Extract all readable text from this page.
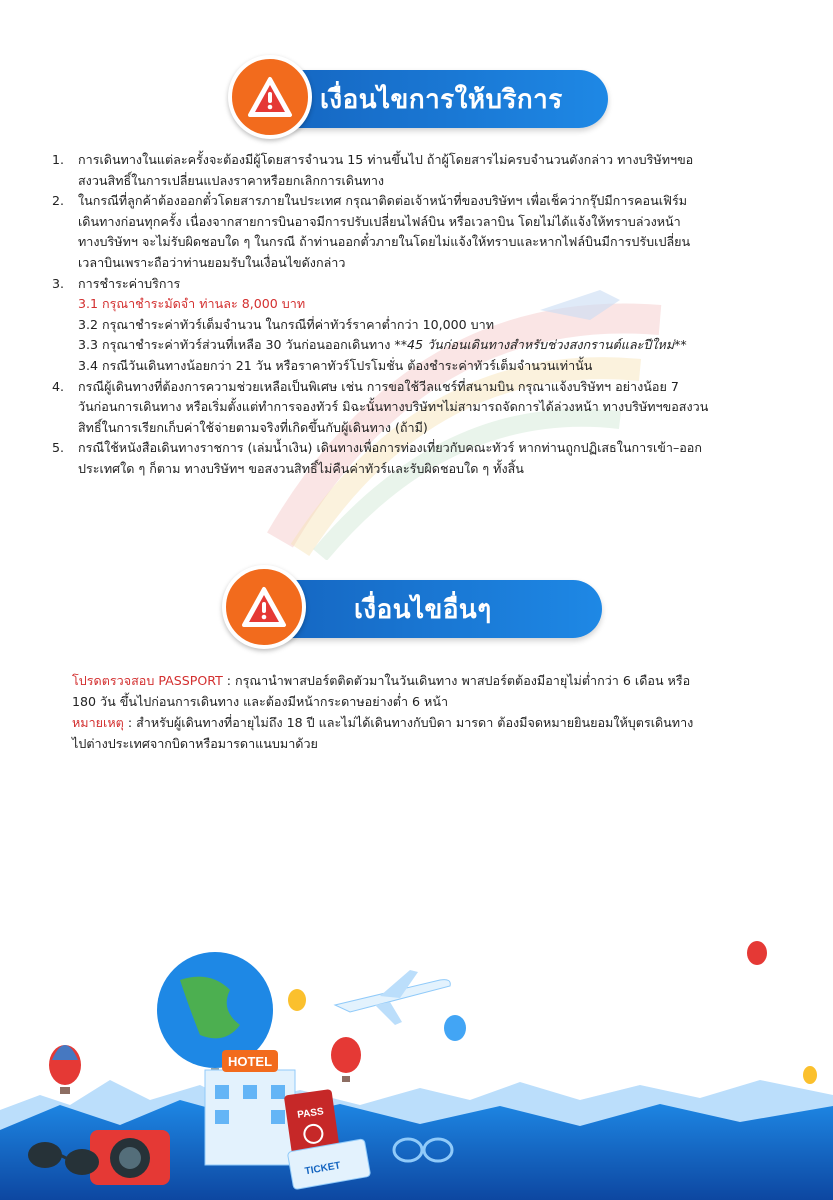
เงื่อนไขการให้บริการ
1.	การเดินทางในแต่ละครั้งจะต้องมีผู้โดยสารจำนวน 15 ท่านขึ้นไป ถ้าผู้โดยสารไม่ครบจำนวนดังกล่าว ทางบริษัทฯขอ
สงวนสิทธิ์ในการเปลี่ยนแปลงราคาหรือยกเลิกการเดินทาง
2.	ในกรณีที่ลูกค้าต้องออกตั๋วโดยสารภายในประเทศ กรุณาติดต่อเจ้าหน้าที่ของบริษัทฯ เพื่อเช็คว่ากรุ๊ปมีการคอนเฟิร์ม
เดินทางก่อนทุกครั้ง เนื่องจากสายการบินอาจมีการปรับเปลี่ยนไฟล์บิน หรือเวลาบิน โดยไม่ได้แจ้งให้ทราบล่วงหน้า
ทางบริษัทฯ จะไม่รับผิดชอบใด ๆ ในกรณี ถ้าท่านออกตั๋วภายในโดยไม่แจ้งให้ทราบและหากไฟล์บินมีการปรับเปลี่ยน
เวลาบินเพราะถือว่าท่านยอมรับในเงื่อนไขดังกล่าว
3.	การชำระค่าบริการ
3.1 กรุณาชำระมัดจำ ท่านละ 8,000 บาท
3.2 กรุณาชำระค่าทัวร์เต็มจำนวน ในกรณีที่ค่าทัวร์ราคาต่ำกว่า 10,000 บาท
3.3 กรุณาชำระค่าทัวร์ส่วนที่เหลือ 30 วันก่อนออกเดินทาง **45 วันก่อนเดินทางสำหรับช่วงสงกรานต์และปีใหม่**
3.4 กรณีวันเดินทางน้อยกว่า 21 วัน หรือราคาทัวร์โปรโมชั่น ต้องชำระค่าทัวร์เต็มจำนวนเท่านั้น
4.	กรณีผู้เดินทางที่ต้องการความช่วยเหลือเป็นพิเศษ เช่น การขอใช้วีลแชร์ที่สนามบิน กรุณาแจ้งบริษัทฯ อย่างน้อย 7
วันก่อนการเดินทาง หรือเริ่มตั้งแต่ทำการจองทัวร์ มิฉะนั้นทางบริษัทฯไม่สามารถจัดการได้ล่วงหน้า ทางบริษัทฯขอสงวน
สิทธิ์ในการเรียกเก็บค่าใช้จ่ายตามจริงที่เกิดขึ้นกับผู้เดินทาง (ถ้ามี)
5.	กรณีใช้หนังสือเดินทางราชการ (เล่มน้ำเงิน) เดินทางเพื่อการท่องเที่ยวกับคณะทัวร์ หากท่านถูกปฏิเสธในการเข้า–ออก
ประเทศใด ๆ ก็ตาม ทางบริษัทฯ ขอสงวนสิทธิ์ไม่คืนค่าทัวร์และรับผิดชอบใด ๆ ทั้งสิ้น
เงื่อนไขอื่นๆ
โปรดตรวจสอบ PASSPORT : กรุณานำพาสปอร์ตติดตัวมาในวันเดินทาง พาสปอร์ตต้องมีอายุไม่ต่ำกว่า 6 เดือน หรือ
180 วัน ขึ้นไปก่อนการเดินทาง และต้องมีหน้ากระดาษอย่างต่ำ 6 หน้า
หมายเหตุ : สำหรับผู้เดินทางที่อายุไม่ถึง 18 ปี และไม่ได้เดินทางกับบิดา มารดา ต้องมีจดหมายยินยอมให้บุตรเดินทาง
ไปต่างประเทศจากบิดาหรือมารดาแนบมาด้วย
HOTEL
PASS
TICKET
